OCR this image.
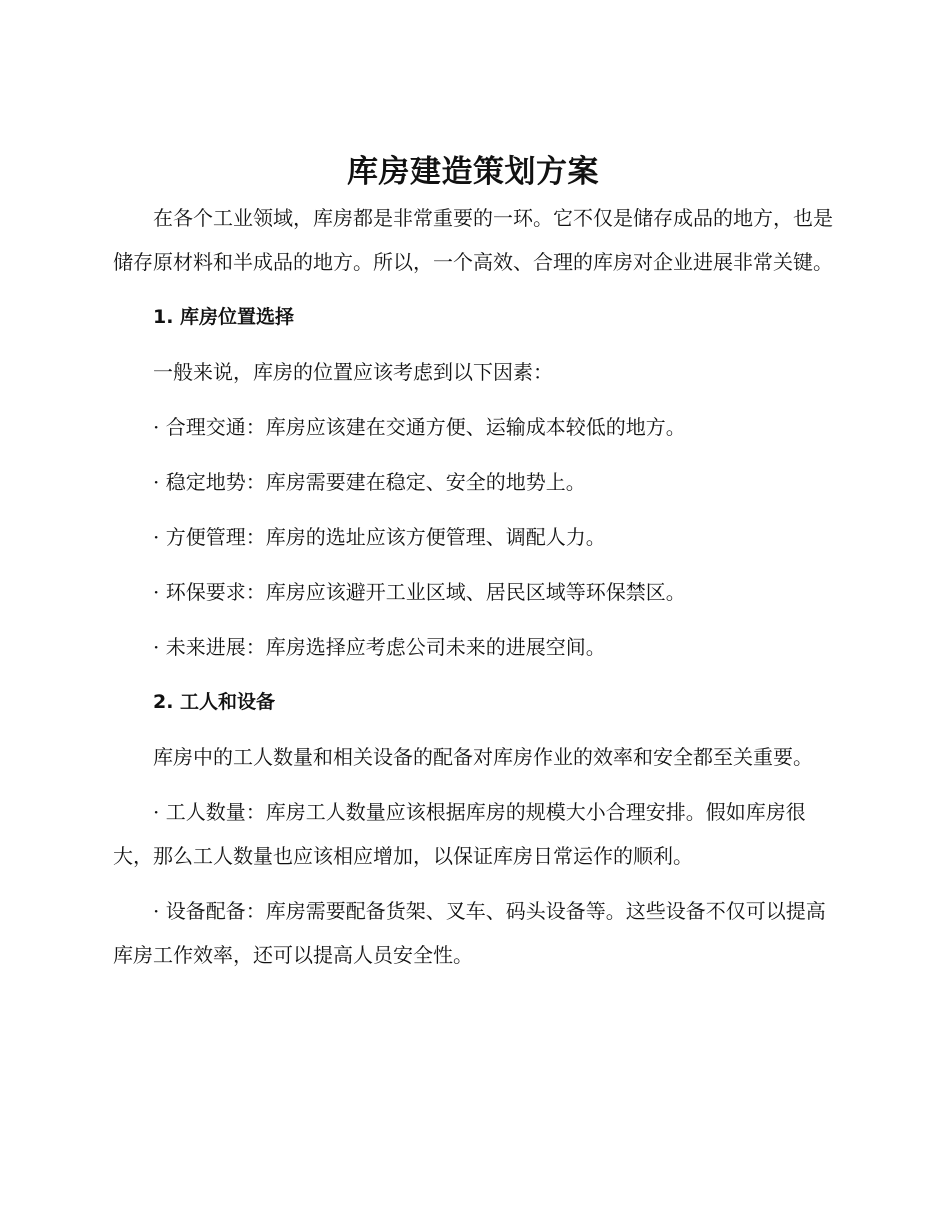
库房建造策划方案

在各个工业领域，库房都是非常重要的一环。它不仅是储存成品的地方，也是储存原材料和半成品的地方。所以，一个高效、合理的库房对企业进展非常关键。

1. 库房位置选择

一般来说，库房的位置应该考虑到以下因素：

· 合理交通：库房应该建在交通方便、运输成本较低的地方。

· 稳定地势：库房需要建在稳定、安全的地势上。

· 方便管理：库房的选址应该方便管理、调配人力。

· 环保要求：库房应该避开工业区域、居民区域等环保禁区。

· 未来进展：库房选择应考虑公司未来的进展空间。

2. 工人和设备

库房中的工人数量和相关设备的配备对库房作业的效率和安全都至关重要。

· 工人数量：库房工人数量应该根据库房的规模大小合理安排。假如库房很大，那么工人数量也应该相应增加，以保证库房日常运作的顺利。

· 设备配备：库房需要配备货架、叉车、码头设备等。这些设备不仅可以提高库房工作效率，还可以提高人员安全性。
